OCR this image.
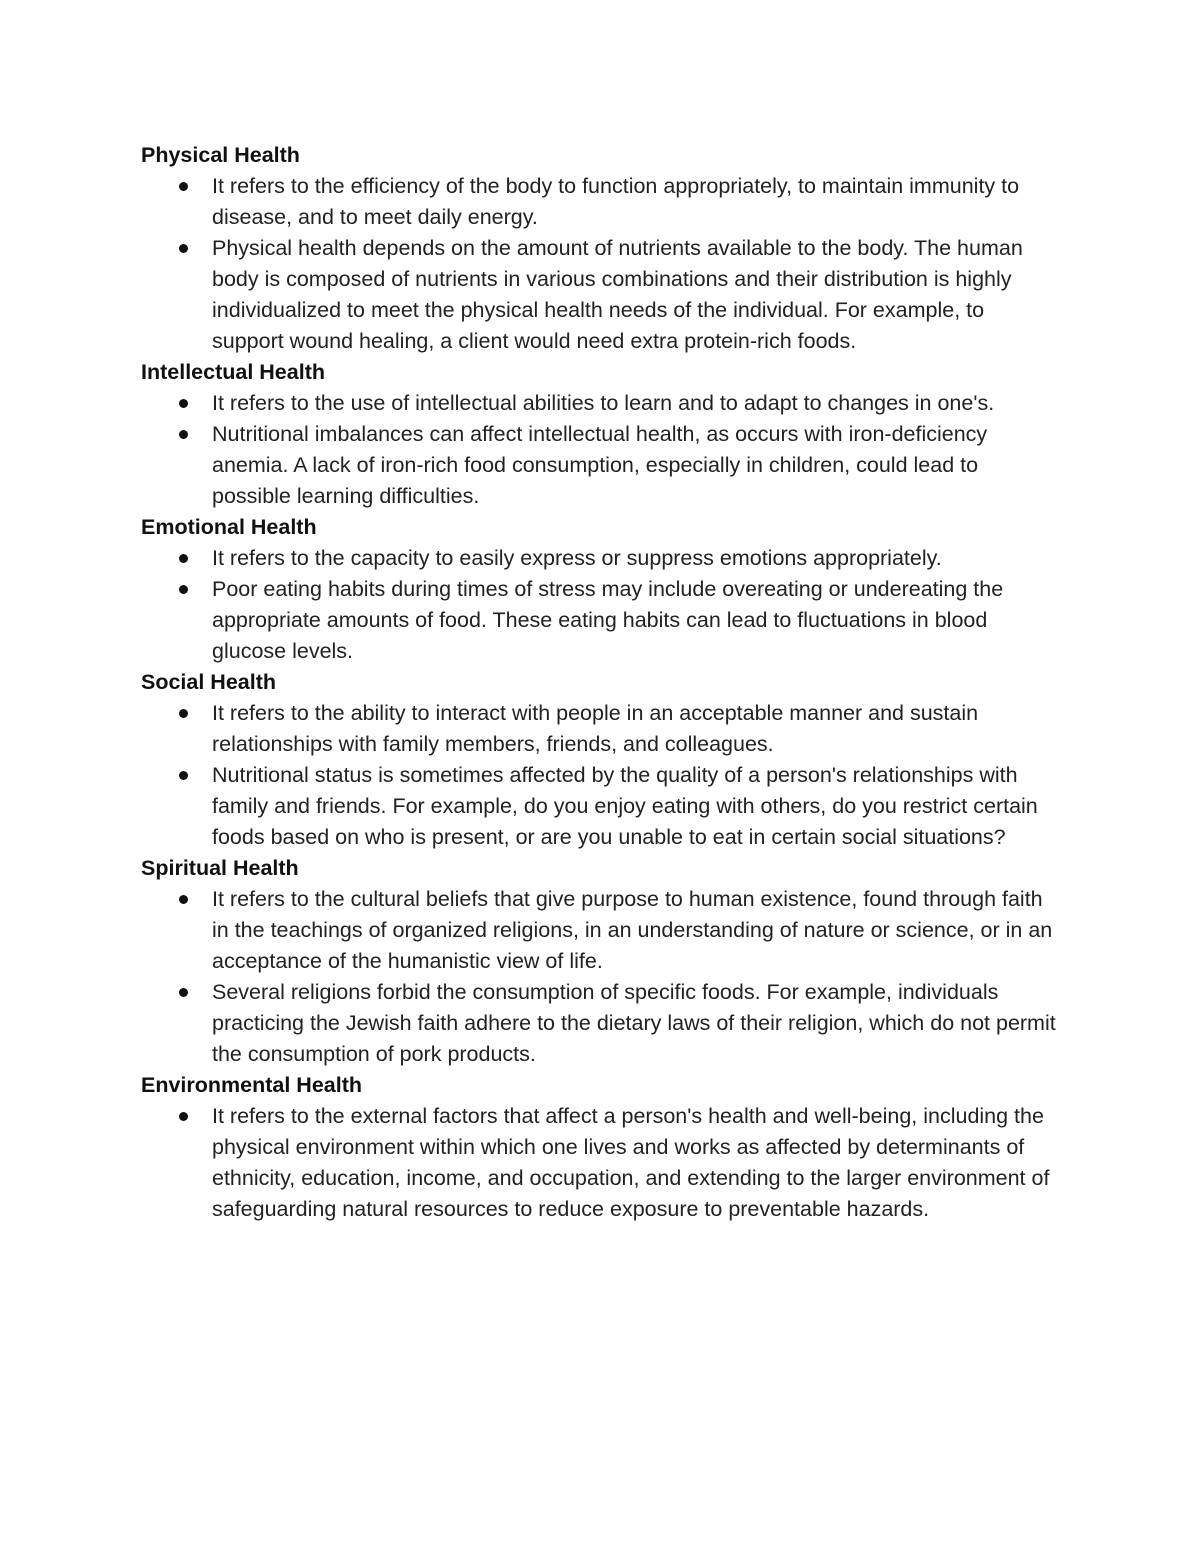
Physical Health
It refers to the efficiency of the body to function appropriately, to maintain immunity to disease, and to meet daily energy.
Physical health depends on the amount of nutrients available to the body. The human body is composed of nutrients in various combinations and their distribution is highly individualized to meet the physical health needs of the individual. For example, to support wound healing, a client would need extra protein-rich foods.
Intellectual Health
It refers to the use of intellectual abilities to learn and to adapt to changes in one's.
Nutritional imbalances can affect intellectual health, as occurs with iron-deficiency anemia. A lack of iron-rich food consumption, especially in children, could lead to possible learning difficulties.
Emotional Health
It refers to the capacity to easily express or suppress emotions appropriately.
Poor eating habits during times of stress may include overeating or undereating the appropriate amounts of food. These eating habits can lead to fluctuations in blood glucose levels.
Social Health
It refers to the ability to interact with people in an acceptable manner and sustain relationships with family members, friends, and colleagues.
Nutritional status is sometimes affected by the quality of a person's relationships with family and friends. For example, do you enjoy eating with others, do you restrict certain foods based on who is present, or are you unable to eat in certain social situations?
Spiritual Health
It refers to the cultural beliefs that give purpose to human existence, found through faith in the teachings of organized religions, in an understanding of nature or science, or in an acceptance of the humanistic view of life.
Several religions forbid the consumption of specific foods. For example, individuals practicing the Jewish faith adhere to the dietary laws of their religion, which do not permit the consumption of pork products.
Environmental Health
It refers to the external factors that affect a person's health and well-being, including the physical environment within which one lives and works as affected by determinants of ethnicity, education, income, and occupation, and extending to the larger environment of safeguarding natural resources to reduce exposure to preventable hazards.
